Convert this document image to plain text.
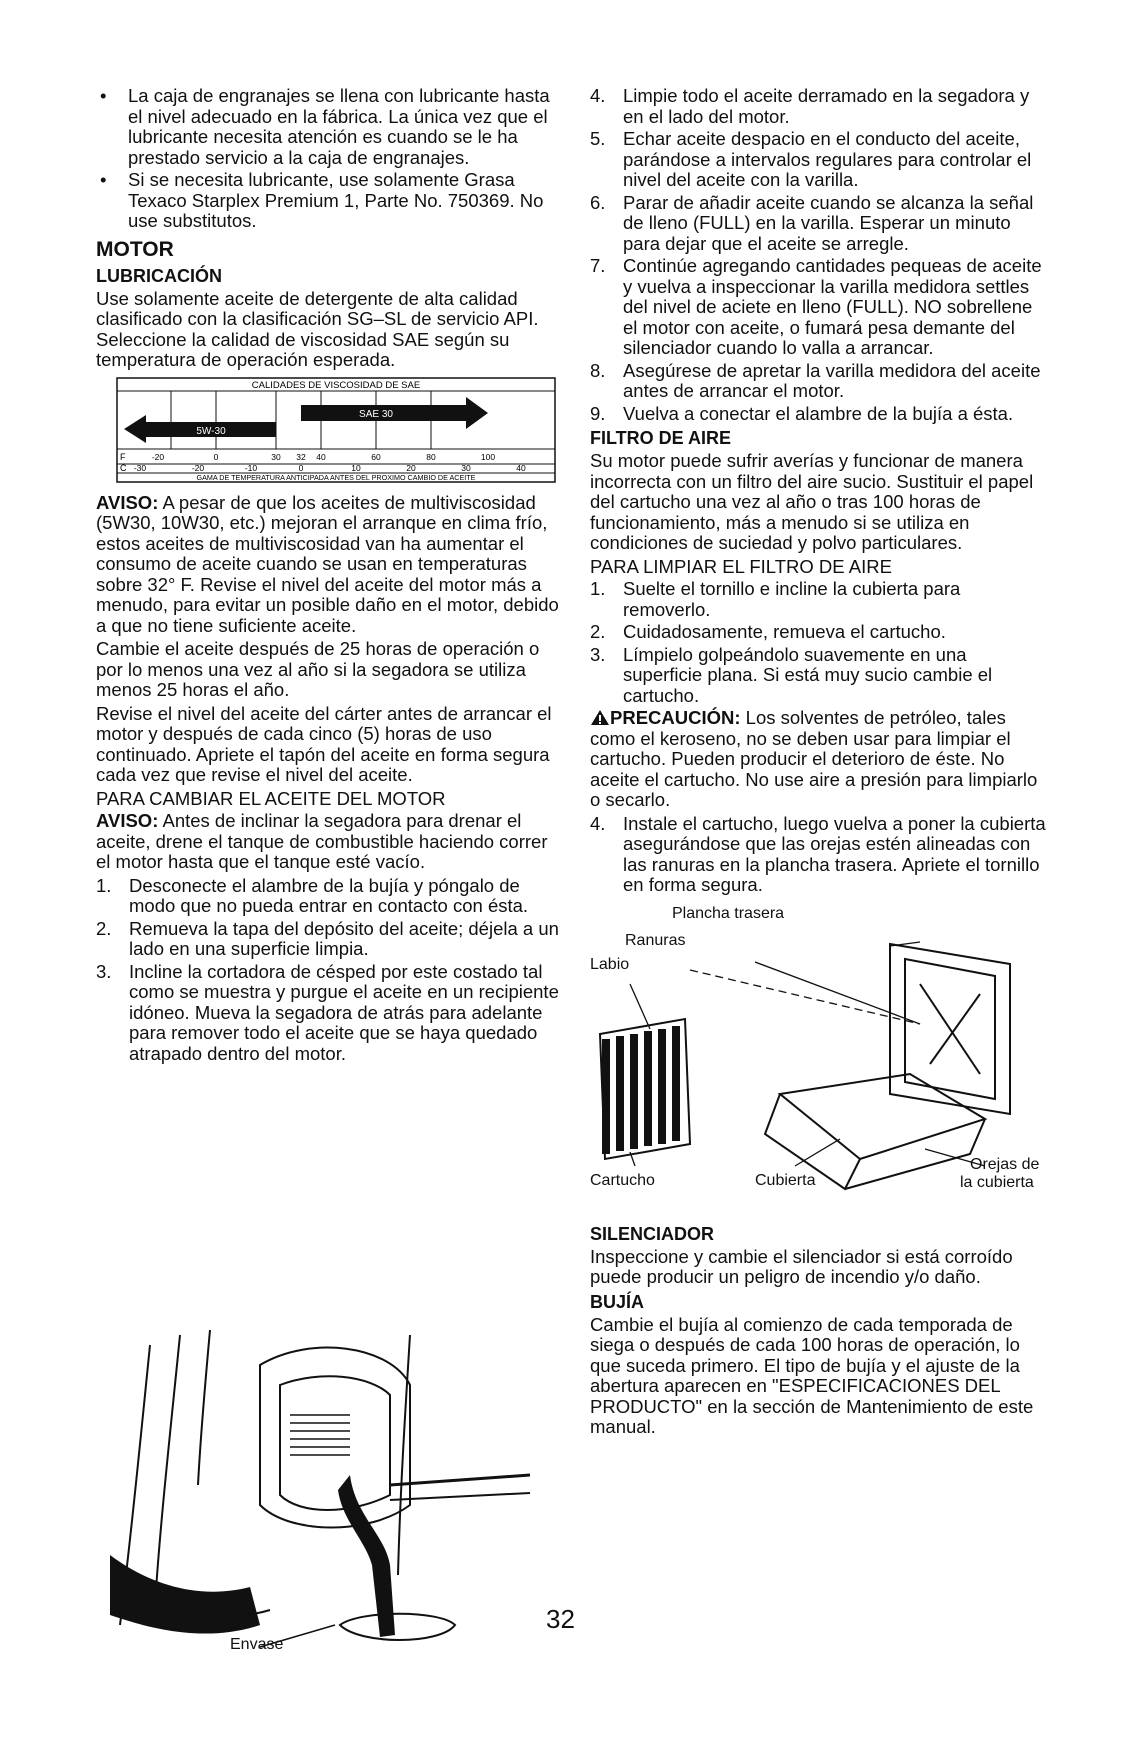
• La caja de engranajes se llena con lubricante hasta el nivel adecuado en la fábrica. La única vez que el lubricante necesita atención es cuando se le ha prestado servicio a la caja de engranajes.
• Si se necesita lubricante, use solamente Grasa Texaco Starplex Premium 1, Parte No. 750369. No use substitutos.
MOTOR
LUBRICACIÓN

Use solamente aceite de detergente de alta calidad clasificado con la clasificación SG–SL de servicio API. Seleccione la calidad de viscosidad SAE según su temperatura de operación esperada.

CALIDADES DE VISCOSIDAD DE SAE
5W-30
SAE 30
F	-20	0	30 32 40	60	80	100
C -30	-20	-10	0	10	20	30	40
GAMA DE TEMPERATURA ANTICIPADA ANTES DEL PROXIMO CAMBIO DE ACEITE

AVISO: A pesar de que los aceites de multiviscosidad (5W30, 10W30, etc.) mejoran el arranque en clima frío, estos aceites de multiviscosidad van ha aumentar el consumo de aceite cuando se usan en temperaturas sobre 32° F. Revise el nivel del aceite del motor más a menudo, para evitar un posible daño en el motor, debido a que no tiene suficiente aceite.

Cambie el aceite después de 25 horas de operación o por lo menos una vez al año si la segadora se utiliza menos 25 horas el año.

Revise el nivel del aceite del cárter antes de arrancar el motor y después de cada cinco (5) horas de uso continuado. Apriete el tapón del aceite en forma segura cada vez que revise el nivel del aceite.

PARA CAMBIAR EL ACEITE DEL MOTOR

AVISO: Antes de inclinar la segadora para drenar el aceite, drene el tanque de combustible haciendo correr el motor hasta que el tanque esté vacío.

1. Desconecte el alambre de la bujía y póngalo de modo que no pueda entrar en contacto con ésta.
2. Remueva la tapa del depósito del aceite; déjela a un lado en una superficie limpia.
3. Incline la cortadora de césped por este costado tal como se muestra y purgue el aceite en un recipiente idóneo. Mueva la segadora de atrás para adelante para remover todo el aceite que se haya quedado atrapado dentro del motor.
Envase
4. Limpie todo el aceite derramado en la segadora y en el lado del motor.
5. Echar aceite despacio en el conducto del aceite, parándose a intervalos regulares para controlar el nivel del aceite con la varilla.
6. Parar de añadir aceite cuando se alcanza la señal de lleno (FULL) en la varilla. Esperar un minuto para dejar que el aceite se arregle.
7. Continúe agregando cantidades pequeas de aceite y vuelva a inspeccionar la varilla medidora settles del nivel de aciete en lleno (FULL). NO sobrellene el motor con aceite, o fumará pesa demante del silenciador cuando lo valla a arrancar.
8. Asegúrese de apretar la varilla medidora del aceite antes de arrancar el motor.
9. Vuelva a conectar el alambre de la bujía a ésta.
FILTRO DE AIRE

Su motor puede sufrir averías y funcionar de manera incorrecta con un filtro del aire sucio. Sustituir el papel del cartucho una vez al año o tras 100 horas de funcionamiento, más a menudo si se utiliza en condiciones de suciedad y polvo particulares.

PARA LIMPIAR EL FILTRO DE AIRE
1. Suelte el tornillo e incline la cubierta para removerlo.
2. Cuidadosamente, remueva el cartucho.
3. Límpielo golpeándolo suavemente en una superficie plana. Si está muy sucio cambie el cartucho.

PRECAUCIÓN: Los solventes de petróleo, tales como el keroseno, no se deben usar para limpiar el cartucho. Pueden producir el deterioro de éste. No aceite el cartucho. No use aire a presión para limpiarlo o secarlo.

4. Instale el cartucho, luego vuelva a poner la cubierta asegurándose que las orejas estén alineadas con las ranuras en la plancha trasera. Apriete el tornillo en forma segura.
Plancha trasera
Ranuras
Labio
Cartucho	Cubierta
Orejas de
la cubierta
SILENCIADOR

Inspeccione y cambie el silenciador si está corroído puede producir un peligro de incendio y/o daño.

BUJÍA

Cambie el bujía al comienzo de cada temporada de siega o después de cada 100 horas de operación, lo que suceda primero. El tipo de bujía y el ajuste de la abertura aparecen en "ESPECIFICACIONES DEL PRODUCTO" en la sección de Mantenimiento de este manual.

32
